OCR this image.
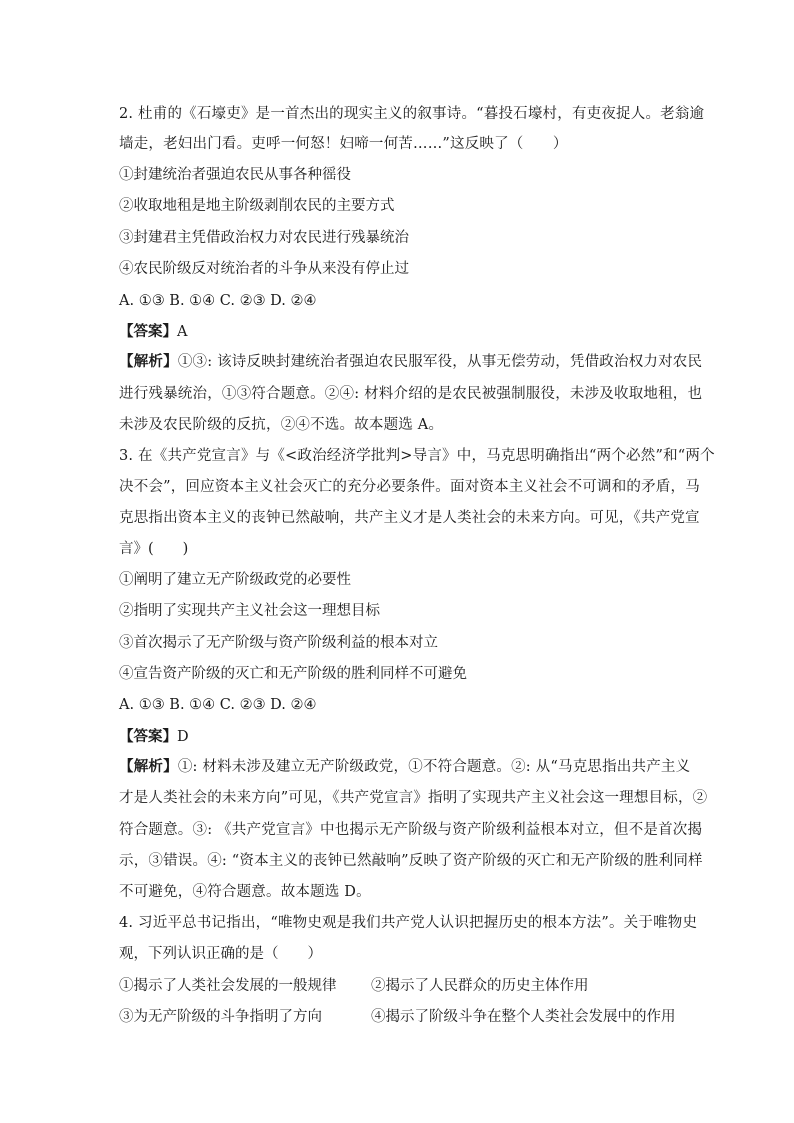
2. 杜甫的《石壕吏》是一首杰出的现实主义的叙事诗。“暮投石壕村，有吏夜捉人。老翁逾
墙走，老妇出门看。吏呼一何怒！妇啼一何苦……”这反映了（　　）
①封建统治者强迫农民从事各种徭役
②收取地租是地主阶级剥削农民的主要方式
③封建君主凭借政治权力对农民进行残暴统治
④农民阶级反对统治者的斗争从来没有停止过
A. ①③ B. ①④ C. ②③ D. ②④
【答案】A
【解析】①③: 该诗反映封建统治者强迫农民服军役，从事无偿劳动，凭借政治权力对农民
进行残暴统治，①③符合题意。②④: 材料介绍的是农民被强制服役，未涉及收取地租，也
未涉及农民阶级的反抗，②④不选。故本题选 A。
3. 在《共产党宣言》与《<政治经济学批判>导言》中，马克思明确指出“两个必然”和“两个
决不会”，回应资本主义社会灭亡的充分必要条件。面对资本主义社会不可调和的矛盾，马
克思指出资本主义的丧钟已然敲响，共产主义才是人类社会的未来方向。可见，《共产党宣
言》(　　)
①阐明了建立无产阶级政党的必要性
②指明了实现共产主义社会这一理想目标
③首次揭示了无产阶级与资产阶级利益的根本对立
④宣告资产阶级的灭亡和无产阶级的胜利同样不可避免
A. ①③ B. ①④ C. ②③ D. ②④
【答案】D
【解析】①: 材料未涉及建立无产阶级政党，①不符合题意。②: 从“马克思指出共产主义
才是人类社会的未来方向”可见，《共产党宣言》指明了实现共产主义社会这一理想目标，②
符合题意。③: 《共产党宣言》中也揭示无产阶级与资产阶级利益根本对立，但不是首次揭
示，③错误。④: “资本主义的丧钟已然敲响”反映了资产阶级的灭亡和无产阶级的胜利同样
不可避免，④符合题意。故本题选 D。
4. 习近平总书记指出，“唯物史观是我们共产党人认识把握历史的根本方法”。关于唯物史
观，下列认识正确的是（　　）
①揭示了人类社会发展的一般规律 ②揭示了人民群众的历史主体作用
③为无产阶级的斗争指明了方向	④揭示了阶级斗争在整个人类社会发展中的作用
